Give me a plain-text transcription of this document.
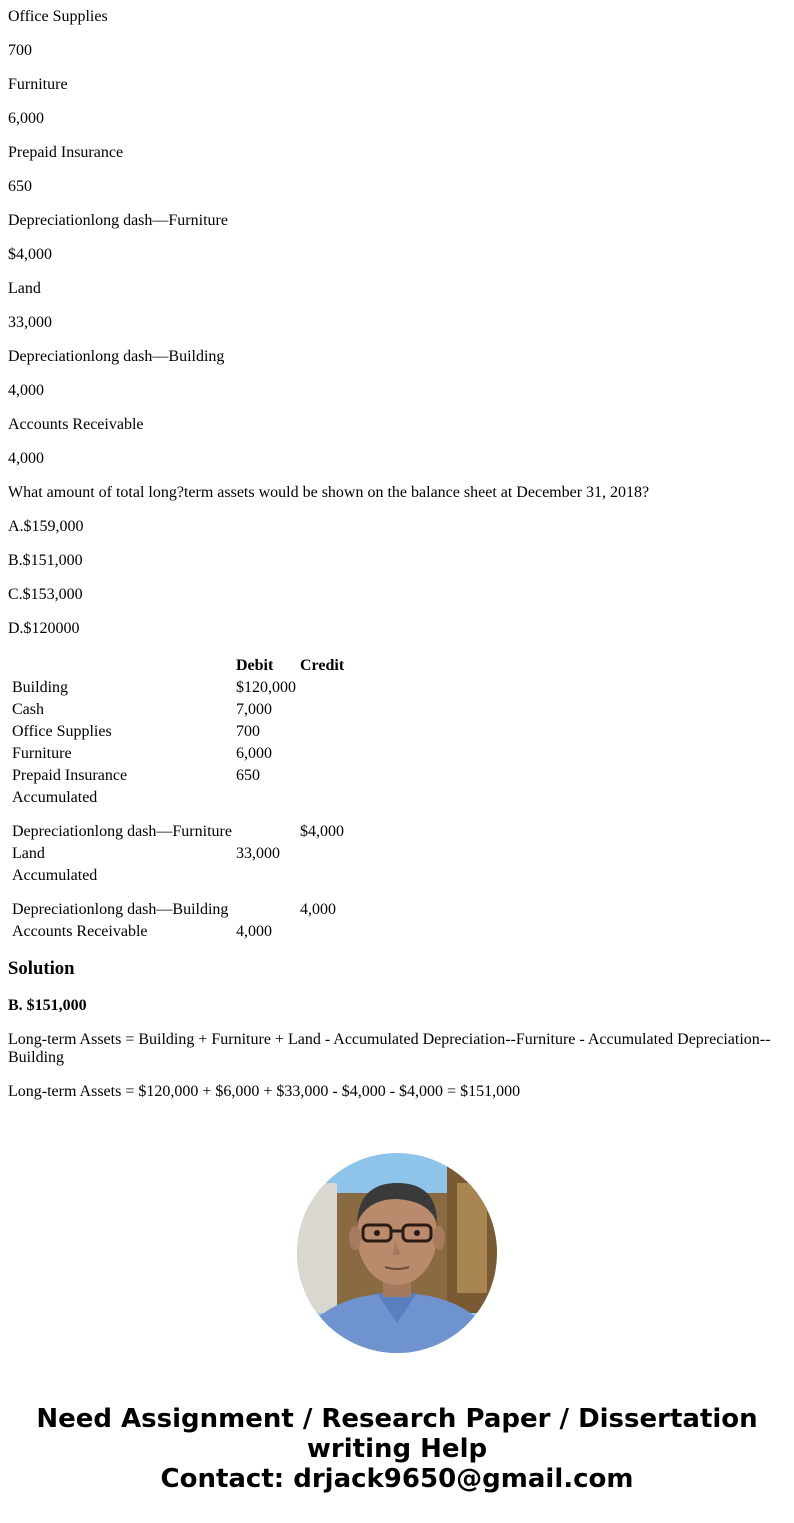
Office Supplies

700

Furniture

6,000

Prepaid Insurance

650

Depreciationlong dash—Furniture

$4,000

Land

33,000

Depreciationlong dash—Building

4,000

Accounts Receivable

4,000

What amount of total long?term assets would be shown on the balance sheet at December 31, 2018?

A.$159,000

B.$151,000

C.$153,000

D.$120000

	Debit	Credit
Building	$120,000	
Cash	7,000	
Office Supplies	700	
Furniture	6,000	
Prepaid Insurance	650	
Accumulated
Depreciationlong dash—Furniture		$4,000
Land	33,000	
Accumulated
Depreciationlong dash—Building		4,000
Accounts Receivable	4,000	
Solution

B. $151,000

Long-term Assets = Building + Furniture + Land - Accumulated Depreciation--Furniture - Accumulated Depreciation--Building

Long-term Assets = $120,000 + $6,000 + $33,000 - $4,000 - $4,000 = $151,000

Need Assignment / Research Paper / Dissertation
writing Help
Contact: drjack9650@gmail.com
